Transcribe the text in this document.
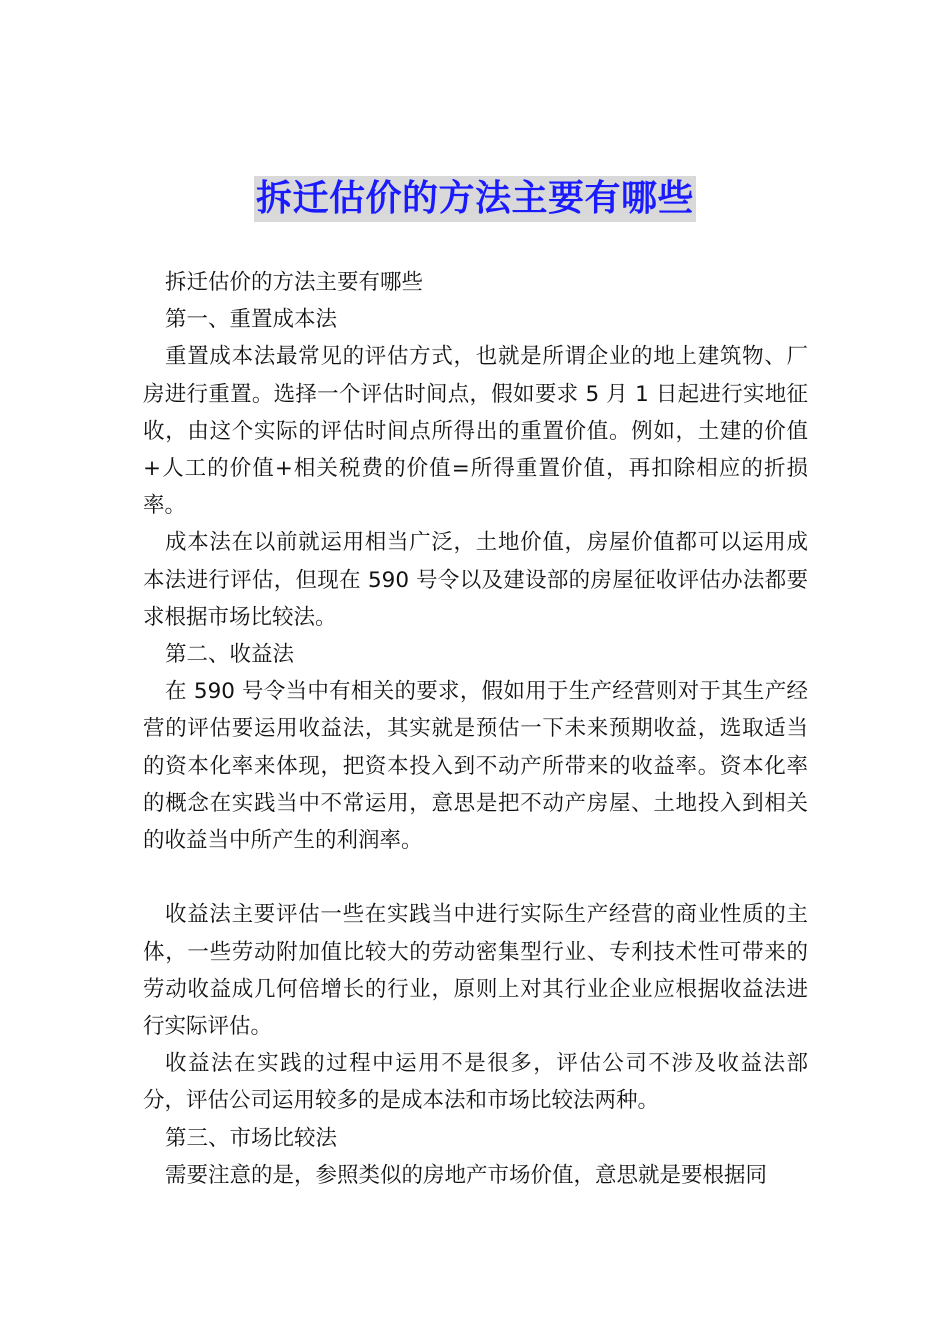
拆迁估价的方法主要有哪些

拆迁估价的方法主要有哪些

第一、重置成本法

重置成本法最常见的评估方式，也就是所谓企业的地上建筑物、厂房进行重置。选择一个评估时间点，假如要求 5 月 1 日起进行实地征收，由这个实际的评估时间点所得出的重置价值。例如，土建的价值+人工的价值+相关税费的价值=所得重置价值，再扣除相应的折损率。

成本法在以前就运用相当广泛，土地价值，房屋价值都可以运用成本法进行评估，但现在 590 号令以及建设部的房屋征收评估办法都要求根据市场比较法。

第二、收益法

在 590 号令当中有相关的要求，假如用于生产经营则对于其生产经营的评估要运用收益法，其实就是预估一下未来预期收益，选取适当的资本化率来体现，把资本投入到不动产所带来的收益率。资本化率的概念在实践当中不常运用，意思是把不动产房屋、土地投入到相关的收益当中所产生的利润率。

收益法主要评估一些在实践当中进行实际生产经营的商业性质的主体，一些劳动附加值比较大的劳动密集型行业、专利技术性可带来的劳动收益成几何倍增长的行业，原则上对其行业企业应根据收益法进行实际评估。

收益法在实践的过程中运用不是很多，评估公司不涉及收益法部分，评估公司运用较多的是成本法和市场比较法两种。

第三、市场比较法

需要注意的是，参照类似的房地产市场价值，意思就是要根据同
